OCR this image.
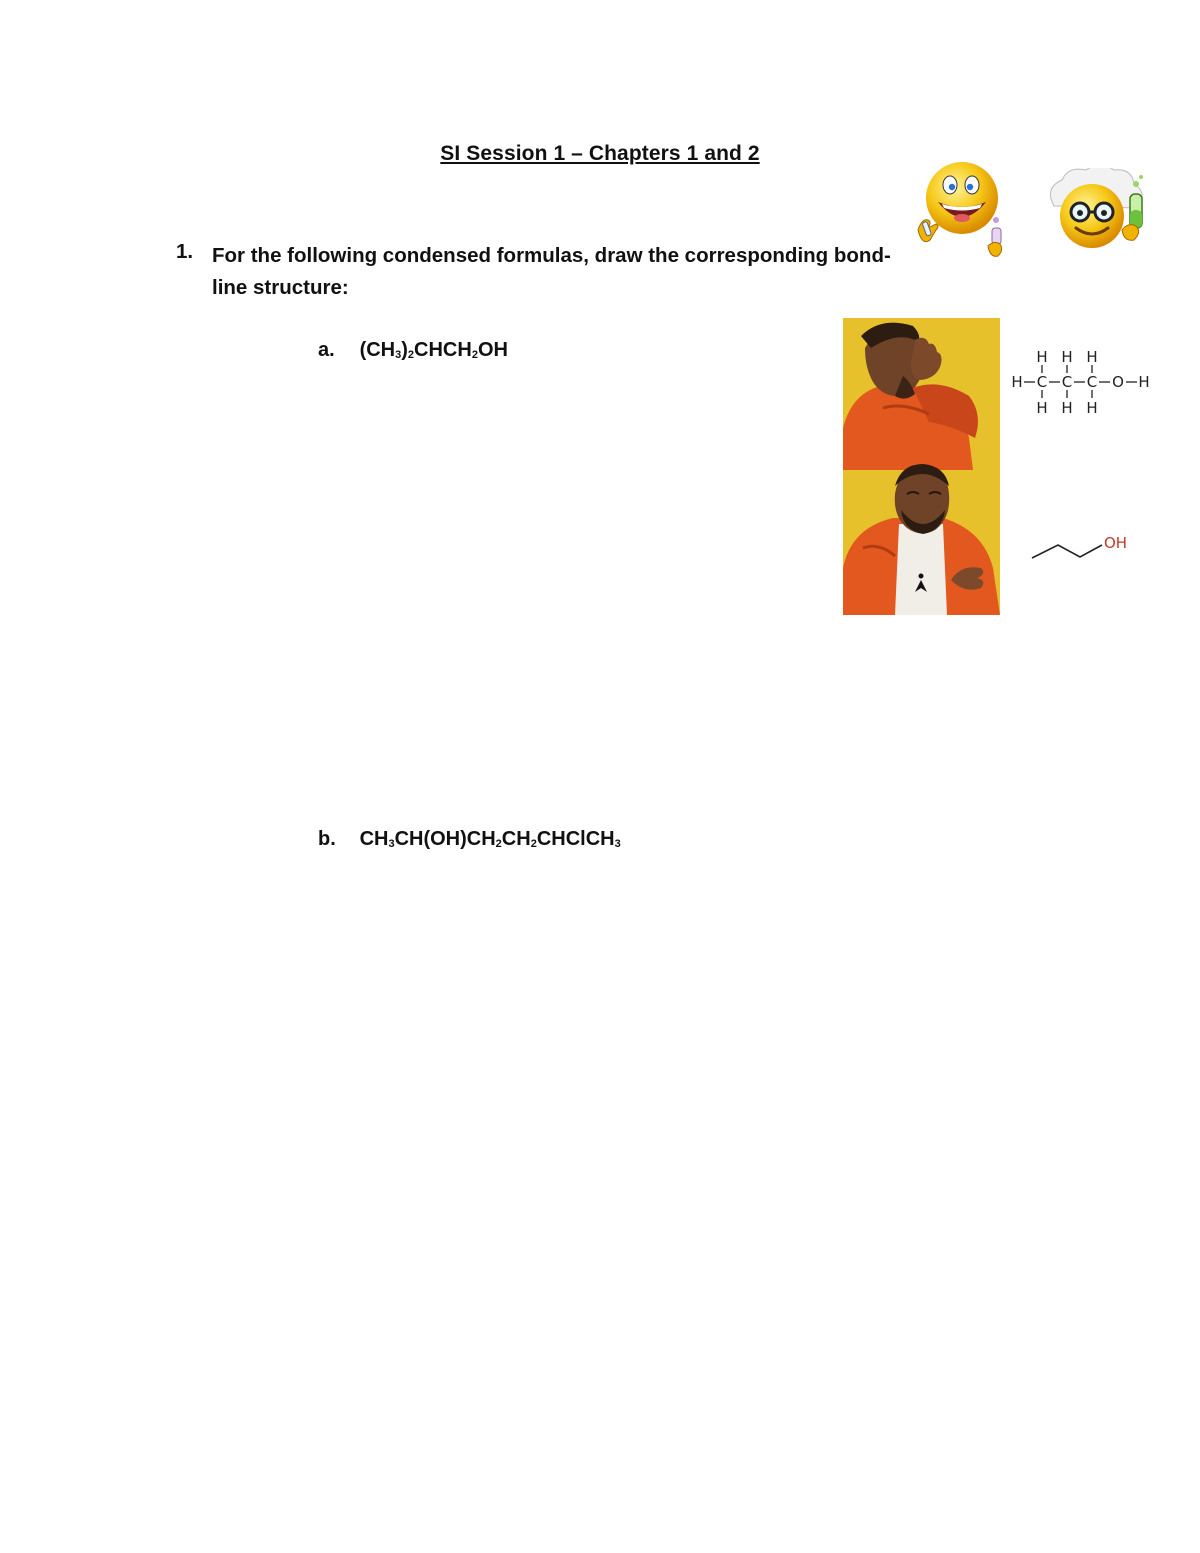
SI Session 1 – Chapters 1 and 2
1. For the following condensed formulas, draw the corresponding bond-line structure:
a. $(CH_3)_2CHCH_2OH$
b. $CH_3CH(OH)CH_2CH_2CHClCH_3$
H H H
H C C C O H
H H H
OH
